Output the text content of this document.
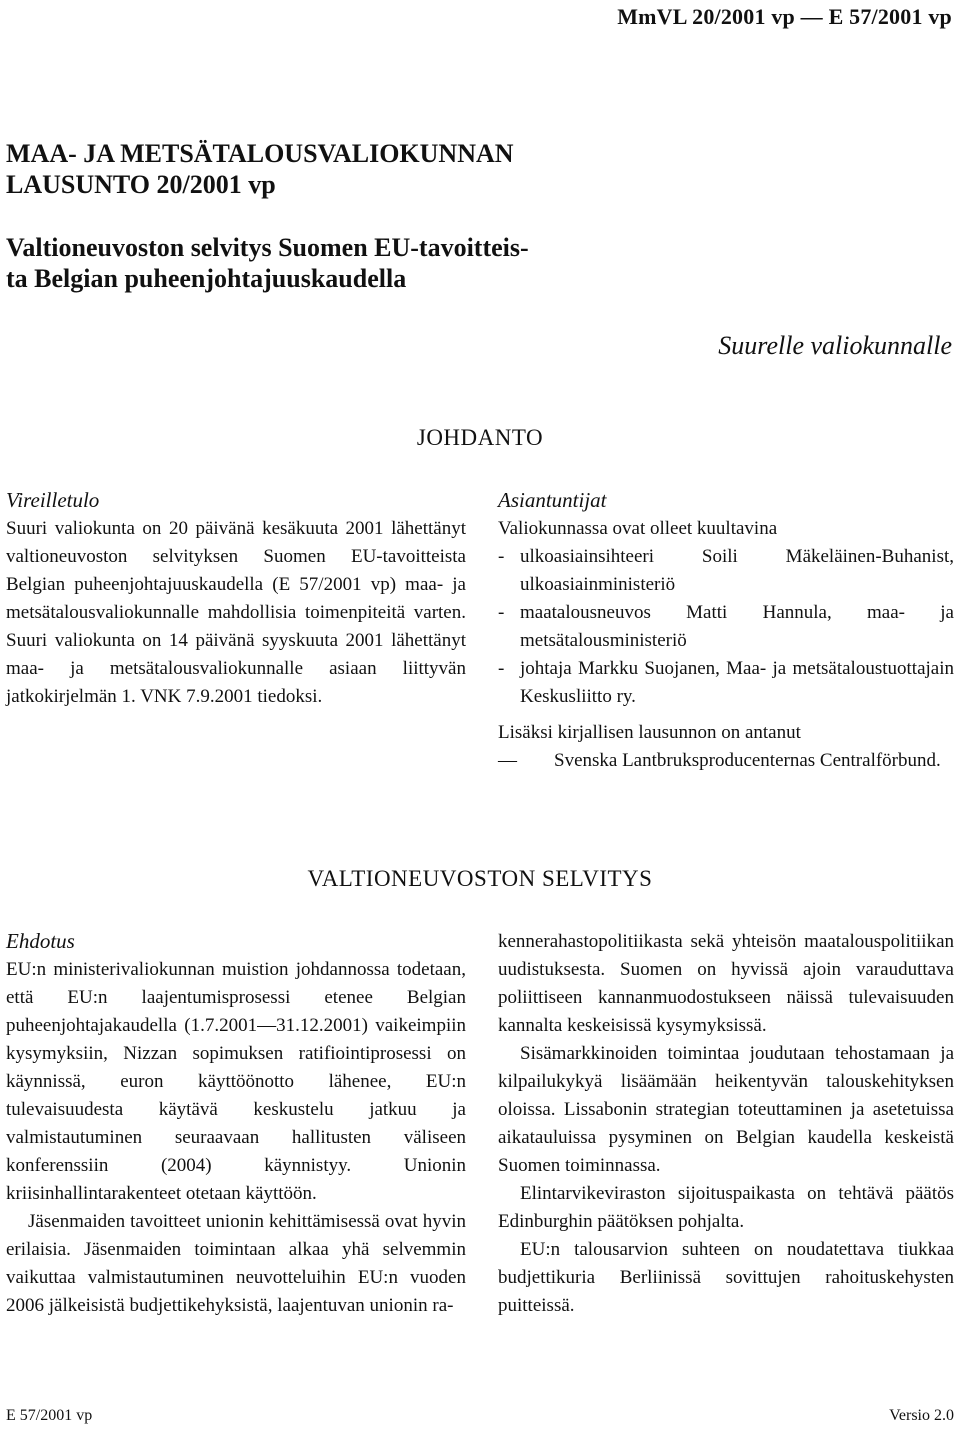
MmVL 20/2001 vp — E 57/2001 vp
MAA- JA METSÄTALOUSVALIOKUNNAN
LAUSUNTO 20/2001 vp
Valtioneuvoston selvitys Suomen EU-tavoitteis-
ta Belgian puheenjohtajuuskaudella
Suurelle valiokunnalle
JOHDANTO

Vireilletulo

Suuri valiokunta on 20 päivänä kesäkuuta 2001 lähettänyt valtioneuvoston selvityksen Suomen EU-tavoitteista Belgian puheenjohtajuuskaudella (E 57/2001 vp) maa- ja metsätalousvaliokunnalle mahdollisia toimenpiteitä varten. Suuri valiokunta on 14 päivänä syyskuuta 2001 lähettänyt maa- ja metsätalousvaliokunnalle asiaan liittyvän jatkokirjelmän 1. VNK 7.9.2001 tiedoksi.

Asiantuntijat

Valiokunnassa ovat olleet kuultavina

- ulkoasiainsihteeri Soili Mäkeläinen-Buhanist, ulkoasiainministeriö
- maatalousneuvos Matti Hannula, maa- ja metsätalousministeriö
- johtaja Markku Suojanen, Maa- ja metsätaloustuottajain Keskusliitto ry.

Lisäksi kirjallisen lausunnon on antanut

—	Svenska Lantbruksproducenternas Centralförbund.
VALTIONEUVOSTON SELVITYS

Ehdotus

EU:n ministerivaliokunnan muistion johdannossa todetaan, että EU:n laajentumisprosessi etenee Belgian puheenjohtajakaudella (1.7.2001—31.12.2001) vaikeimpiin kysymyksiin, Nizzan sopimuksen ratifiointiprosessi on käynnissä, euron käyttöönotto lähenee, EU:n tulevaisuudesta käytävä keskustelu jatkuu ja valmistautuminen seuraavaan hallitusten väliseen konferenssiin (2004) käynnistyy. Unionin kriisinhallintarakenteet otetaan käyttöön.

Jäsenmaiden tavoitteet unionin kehittämisessä ovat hyvin erilaisia. Jäsenmaiden toimintaan alkaa yhä selvemmin vaikuttaa valmistautuminen neuvotteluihin EU:n vuoden 2006 jälkeisistä budjettikehyksistä, laajentuvan unionin ra-

kennerahastopolitiikasta sekä yhteisön maatalouspolitiikan uudistuksesta. Suomen on hyvissä ajoin varauduttava poliittiseen kannanmuodostukseen näissä tulevaisuuden kannalta keskeisissä kysymyksissä.

Sisämarkkinoiden toimintaa joudutaan tehostamaan ja kilpailukykyä lisäämään heikentyvän talouskehityksen oloissa. Lissabonin strategian toteuttaminen ja asetetuissa aikatauluissa pysyminen on Belgian kaudella keskeistä Suomen toiminnassa.

Elintarvikeviraston sijoituspaikasta on tehtävä päätös Edinburghin päätöksen pohjalta.

EU:n talousarvion suhteen on noudatettava tiukkaa budjettikuria Berliinissä sovittujen rahoituskehysten puitteissä.

E 57/2001 vp	Versio 2.0
